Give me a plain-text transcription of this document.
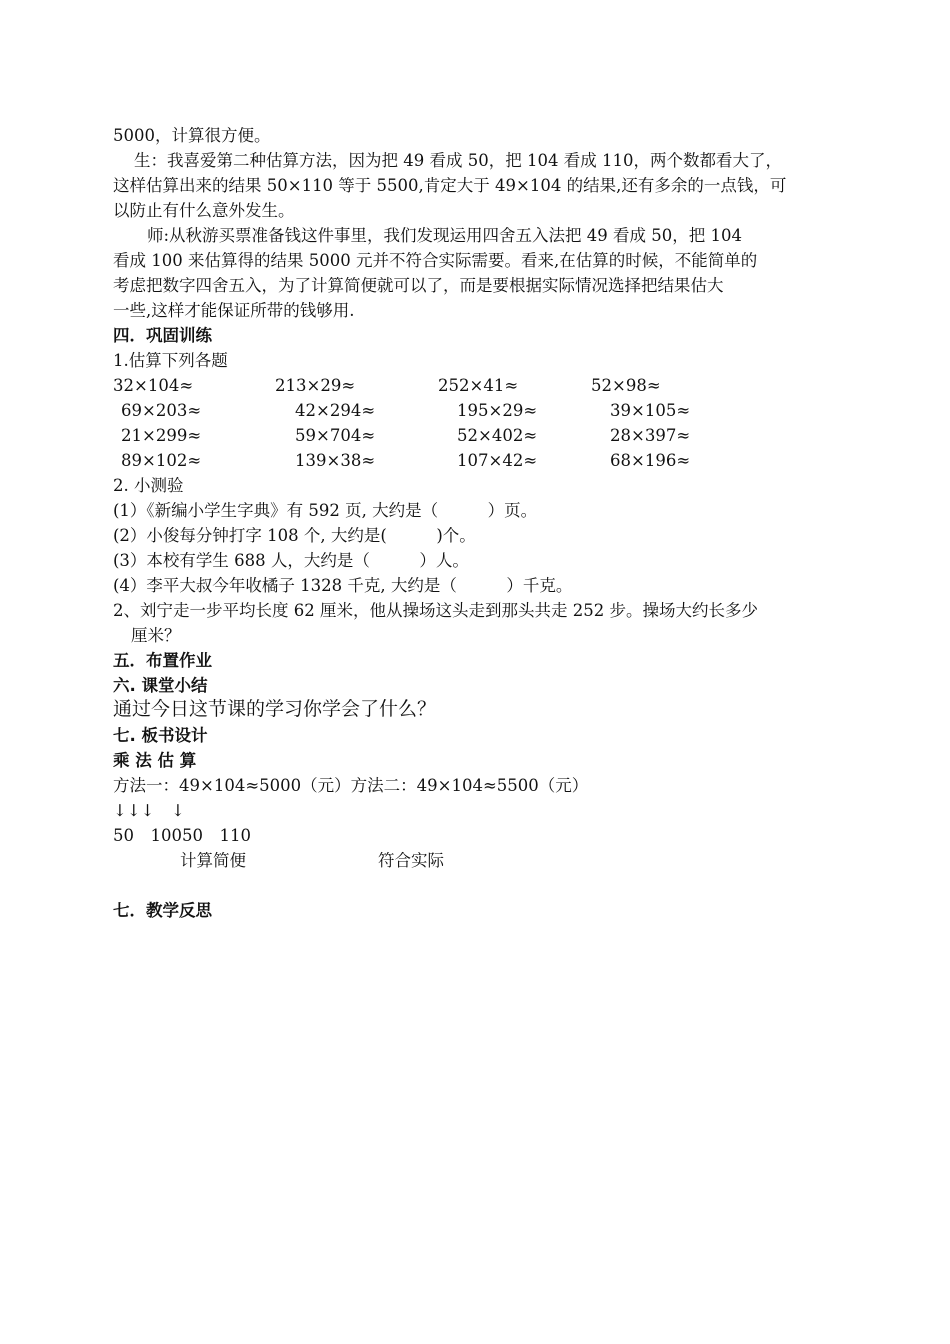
5000，计算很方便。
生：我喜爱第二种估算方法，因为把 49 看成 50，把 104 看成 110，两个数都看大了，
这样估算出来的结果 50×110 等于 5500,肯定大于 49×104 的结果,还有多余的一点钱，可
以防止有什么意外发生。
师:从秋游买票准备钱这件事里，我们发现运用四舍五入法把 49 看成 50，把 104
看成 100 来估算得的结果 5000 元并不符合实际需要。看来,在估算的时候，不能简单的
考虑把数字四舍五入，为了计算简便就可以了，而是要根据实际情况选择把结果估大
一些,这样才能保证所带的钱够用.
四．巩固训练
1.估算下列各题
32×104≈	213×29≈	252×41≈	52×98≈
69×203≈	42×294≈	195×29≈	39×105≈
21×299≈	59×704≈	52×402≈	28×397≈
89×102≈	139×38≈	107×42≈	68×196≈
2. 小测验
(1）《新编小学生字典》有 592 页, 大约是（　　　）页。
(2）小俊每分钟打字 108 个, 大约是(　　　)个。
(3）本校有学生 688 人，大约是（　　　）人。
(4）李平大叔今年收橘子 1328 千克, 大约是（　　　）千克。
2、刘宁走一步平均长度 62 厘米，他从操场这头走到那头共走 252 步。操场大约长多少
厘米？
五．布置作业
六. 课堂小结
通过今日这节课的学习你学会了什么？
七. 板书设计
乘 法 估 算
方法一：49×104≈5000（元）方法二：49×104≈5500（元）
↓↓↓　↓
50　10050　110
计算简便	符合实际
七．教学反思
